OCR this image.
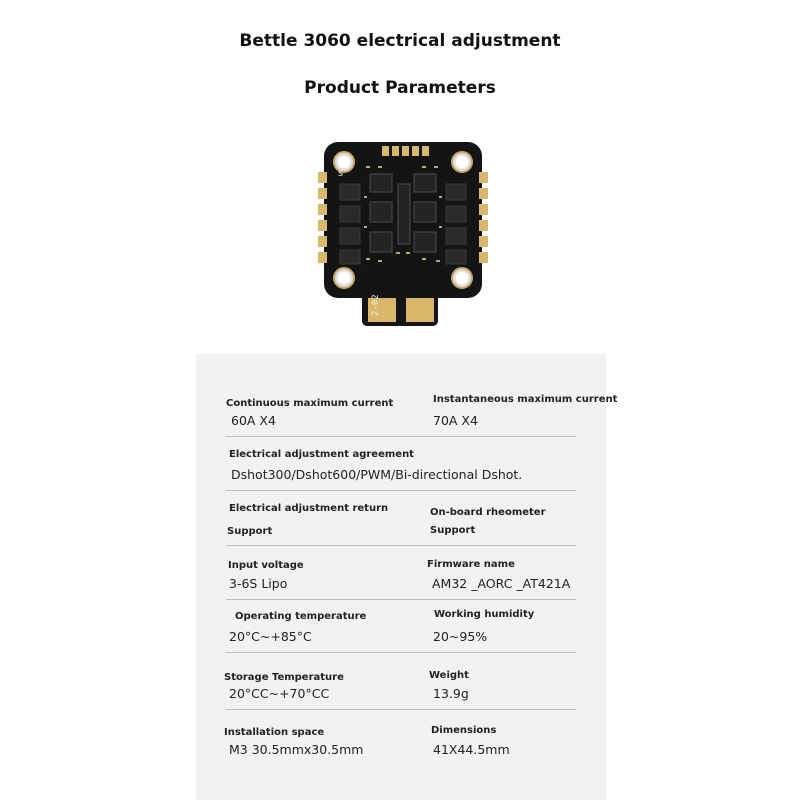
Bettle 3060 electrical adjustment
Product Parameters
S
2-02
Continuous maximum current
60A X4
Instantaneous maximum current
70A X4
Electrical adjustment agreement
Dshot300/Dshot600/PWM/Bi-directional Dshot.
Electrical adjustment return
Support
On-board rheometer
Support
Input voltage
3-6S Lipo
Firmware name
AM32 _AORC _AT421A
Operating temperature
20°C~+85°C
Working humidity
20~95%
Storage Temperature
20°CC~+70°CC
Weight
13.9g
Installation space
M3 30.5mmx30.5mm
Dimensions
41X44.5mm
